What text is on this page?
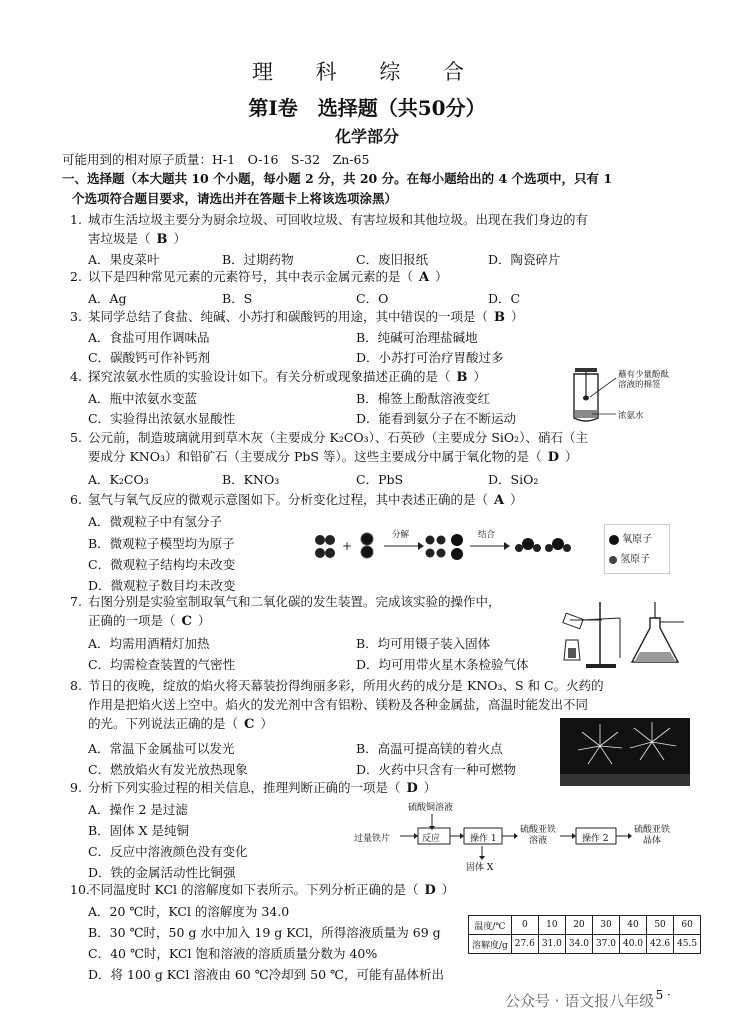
理 科 综 合
第Ⅰ卷　选择题（共50分）
化学部分
可能用到的相对原子质量：H-1　O-16　S-32　Zn-65
一、选择题（本大题共 10 个小题，每小题 2 分，共 20 分。在每小题给出的 4 个选项中，只有 1
个选项符合题目要求，请选出并在答题卡上将该选项涂黑）
1. 城市生活垃圾主要分为厨余垃圾、可回收垃圾、有害垃圾和其他垃圾。出现在我们身边的有
害垃圾是（ B ）
A．果皮菜叶	B．过期药物	C．废旧报纸	D．陶瓷碎片
2. 以下是四种常见元素的元素符号，其中表示金属元素的是（ A ）
A．Ag	B．S	C．O	D．C
3. 某同学总结了食盐、纯碱、小苏打和碳酸钙的用途，其中错误的一项是（ B ）
A．食盐可用作调味品	B．纯碱可治理盐碱地
C．碳酸钙可作补钙剂	D．小苏打可治疗胃酸过多
4. 探究浓氨水性质的实验设计如下。有关分析或现象描述正确的是（ B ）
A．瓶中浓氨水变蓝	B．棉签上酚酞溶液变红
C．实验得出浓氨水显酸性	D．能看到氨分子在不断运动
蘸有少量酚酞
溶液的棉签
浓氨水
5. 公元前，制造玻璃就用到草木灰（主要成分 K₂CO₃）、石英砂（主要成分 SiO₂）、硝石（主
要成分 KNO₃）和铅矿石（主要成分 PbS 等）。这些主要成分中属于氧化物的是（ D ）
A．K₂CO₃	B．KNO₃	C．PbS	D．SiO₂
6. 氢气与氧气反应的微观示意图如下。分析变化过程，其中表述正确的是（ A ）
A．微观粒子中有氢分子
B．微观粒子模型均为原子
C．微观粒子结构均未改变
D．微观粒子数目均未改变
+
分解	结合	氧原子
氢原子
7. 右图分别是实验室制取氧气和二氧化碳的发生装置。完成该实验的操作中，
正确的一项是（ C ）
A．均需用酒精灯加热	B．均可用镊子装入固体
C．均需检查装置的气密性	D．均可用带火星木条检验气体
8. 节日的夜晚，绽放的焰火将天幕装扮得绚丽多彩，所用火药的成分是 KNO₃、S 和 C。火药的
作用是把焰火送上空中。焰火的发光剂中含有铝粉、镁粉及各种金属盐，高温时能发出不同
的光。下列说法正确的是（ C ）
A．常温下金属盐可以发光	B．高温可提高镁的着火点
C．燃放焰火有发光放热现象	D．火药中只含有一种可燃物
9. 分析下列实验过程的相关信息，推理判断正确的一项是（ D ）
A．操作 2 是过滤
B．固体 X 是纯铜
C．反应中溶液颜色没有变化
D．铁的金属活动性比铜强
硫酸铜溶液
过量铁片	反应	操作 1
硫酸亚铁
溶液	操作 2
硫酸亚铁
晶体
固体 X
10.不同温度时 KCl 的溶解度如下表所示。下列分析正确的是（ D ）
A．20 ℃时，KCl 的溶解度为 34.0
B．30 ℃时，50 g 水中加入 19 g KCl，所得溶液质量为 69 g
C．40 ℃时，KCl 饱和溶液的溶质质量分数为 40%
D．将 100 g KCl 溶液由 60 ℃冷却到 50 ℃，可能有晶体析出
温度/℃	0	10	20	30	40	50	60
溶解度/g	27.6	31.0	34.0	37.0	40.0	42.6	45.5
公众号 · 语文报八年级
· 5 ·
